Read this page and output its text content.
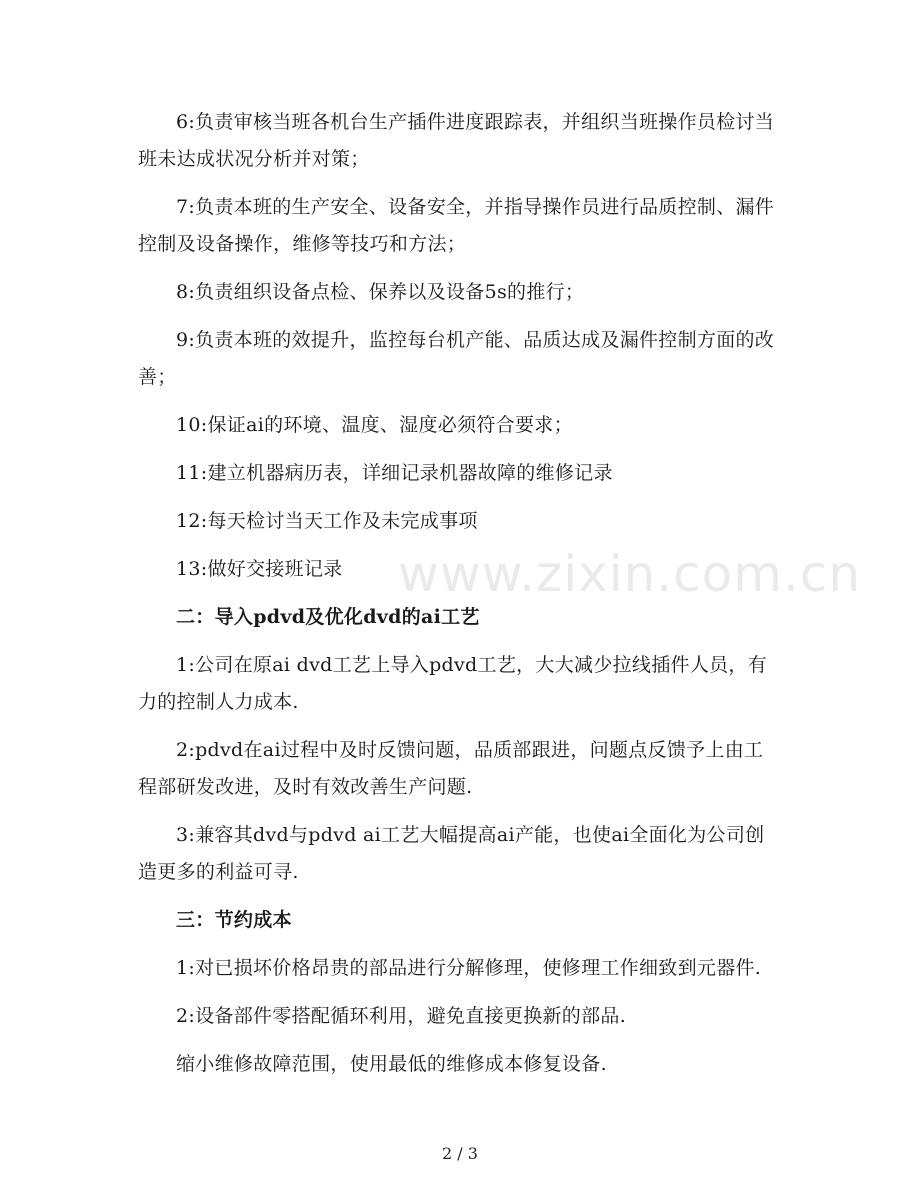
6:负责审核当班各机台生产插件进度跟踪表，并组织当班操作员检讨当班未达成状况分析并对策；

7:负责本班的生产安全、设备安全，并指导操作员进行品质控制、漏件控制及设备操作，维修等技巧和方法；

8:负责组织设备点检、保养以及设备5s的推行；

9:负责本班的效提升，监控每台机产能、品质达成及漏件控制方面的改善；

10:保证ai的环境、温度、湿度必须符合要求；

11:建立机器病历表，详细记录机器故障的维修记录

12:每天检讨当天工作及未完成事项

13:做好交接班记录

二：导入pdvd及优化dvd的ai工艺

1:公司在原ai dvd工艺上导入pdvd工艺，大大减少拉线插件人员，有力的控制人力成本.

2:pdvd在ai过程中及时反馈问题，品质部跟进，问题点反馈予上由工程部研发改进，及时有效改善生产问题.

3:兼容其dvd与pdvd ai工艺大幅提高ai产能，也使ai全面化为公司创造更多的利益可寻.

三：节约成本

1:对已损坏价格昂贵的部品进行分解修理，使修理工作细致到元器件.

2:设备部件零搭配循环利用，避免直接更换新的部品.

缩小维修故障范围，使用最低的维修成本修复设备.

www.zixin.com.cn
2 / 3
